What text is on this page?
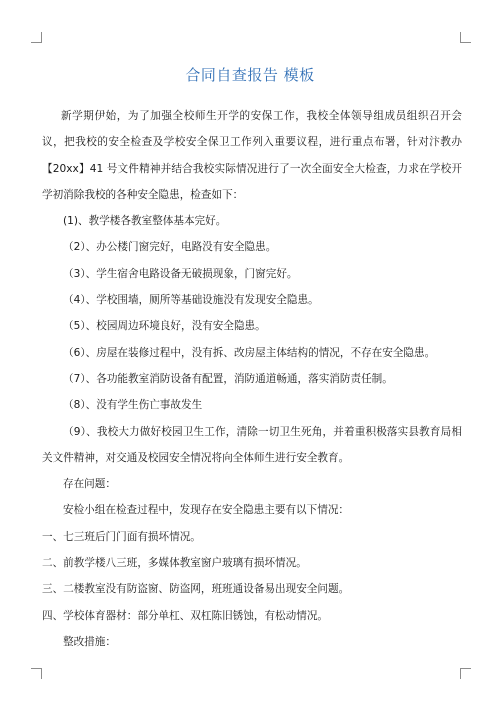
合同自查报告 模板

新学期伊始，为了加强全校师生开学的安保工作，我校全体领导组成员组织召开会议，把我校的安全检查及学校安全保卫工作列入重要议程，进行重点布署，针对汴教办【20xx】41 号文件精神并结合我校实际情况进行了一次全面安全大检查，力求在学校开学初消除我校的各种安全隐患，检查如下：

(1)、教学楼各教室整体基本完好。

（2）、办公楼门窗完好，电路没有安全隐患。

（3）、学生宿舍电路设备无破损现象，门窗完好。

（4）、学校围墙，厕所等基础设施没有发现安全隐患。

（5）、校园周边环境良好，没有安全隐患。

（6）、房屋在装修过程中，没有拆、改房屋主体结构的情况，不存在安全隐患。

（7）、各功能教室消防设备有配置，消防通道畅通，落实消防责任制。

（8）、没有学生伤亡事故发生

（9）、我校大力做好校园卫生工作，清除一切卫生死角，并着重积极落实县教育局相关文件精神，对交通及校园安全情况将向全体师生进行安全教育。

存在问题：

安检小组在检查过程中，发现存在安全隐患主要有以下情况：

一、七三班后门门面有损坏情况。

二、前教学楼八三班，多媒体教室窗户玻璃有损坏情况。

三、二楼教室没有防盗窗、防盗网，班班通设备易出现安全问题。

四、学校体育器材：部分单杠、双杠陈旧锈蚀，有松动情况。

整改措施：
